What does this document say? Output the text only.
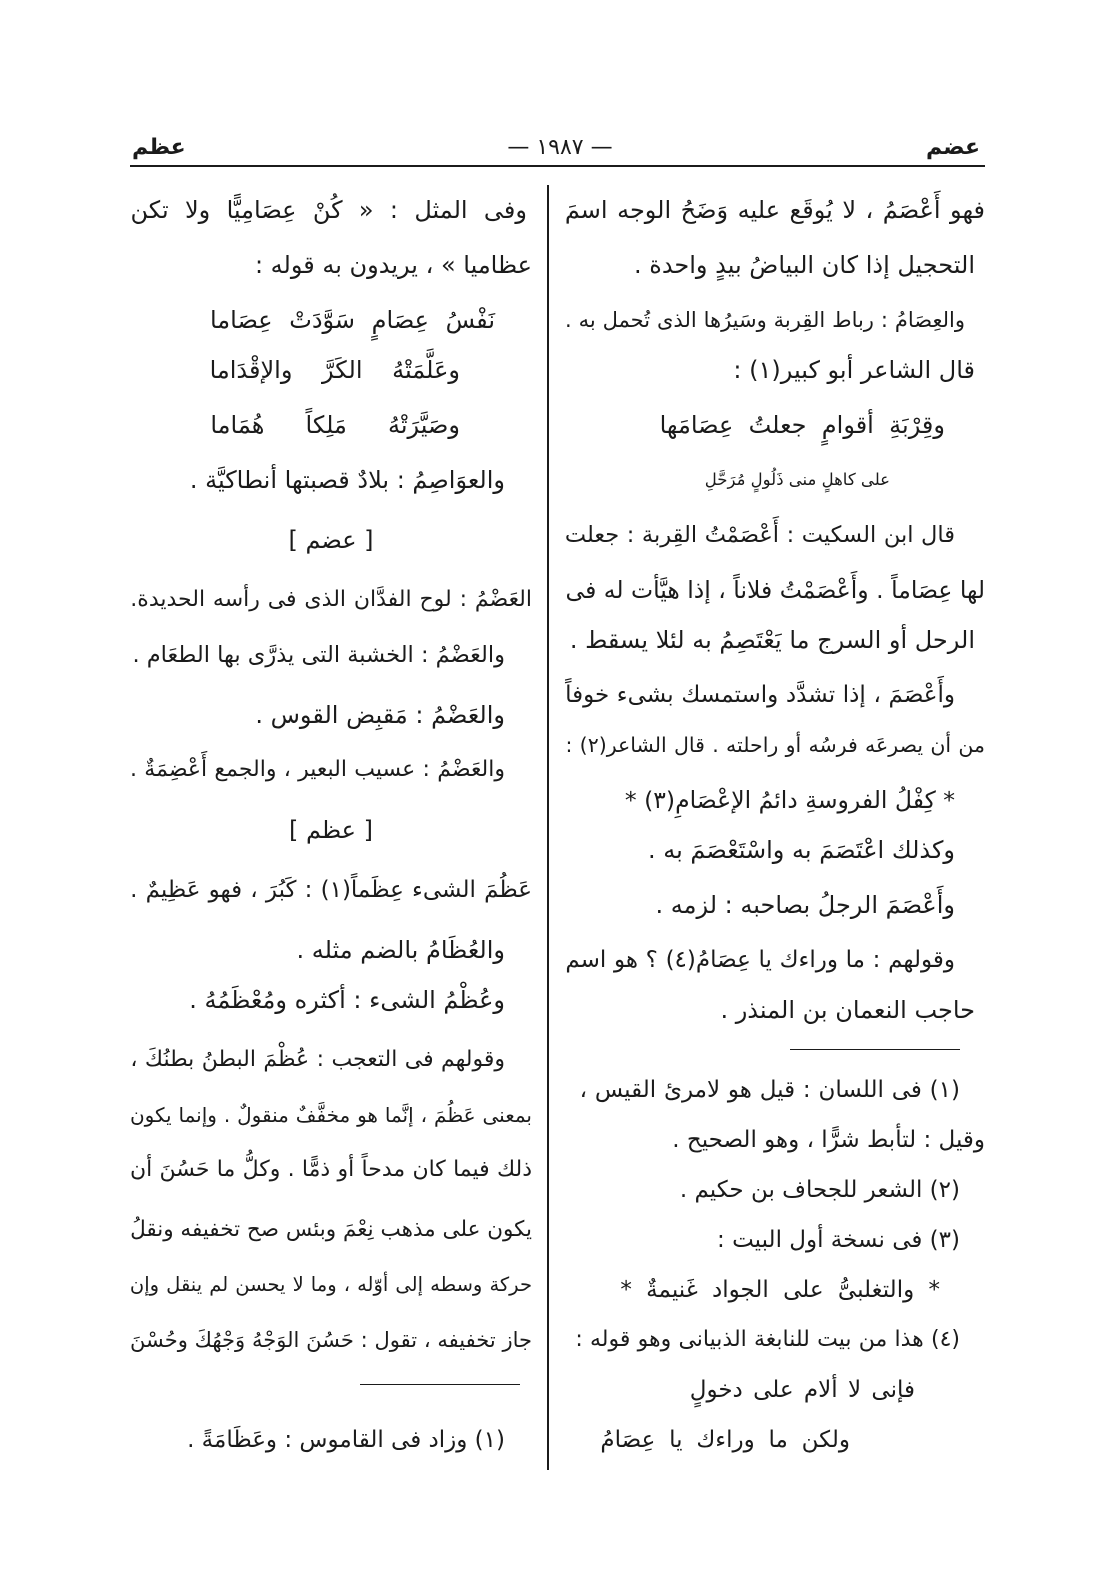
عظم	— ١٩٨٧ —	عضم
فهو أَعْصَمُ ، لا يُوقَع عليه وَضَحُ الوجه اسمَ
التحجيل إذا كان البياضُ بيدٍ واحدة .
والعِصَامُ : رباط القِربة وسَيرُها الذى تُحمل به .
قال الشاعر أبو كبير(١) :
وقِرْبَةِ أقوامٍ جعلتُ عِصَامَها
على كاهلٍ منى ذَلُولٍ مُرَحَّلِ
قال ابن السكيت : أَعْصَمْتُ القِربة : جعلت
لها عِصَاماً . وأَعْصَمْتُ فلاناً ، إذا هيَّأت له فى
الرحل أو السرج ما يَعْتَصِمُ به لئلا يسقط .
وأَعْصَمَ ، إذا تشدَّد واستمسك بشىء خوفاً
من أن يصرعَه فرسُه أو راحلته . قال الشاعر(٢) :
* كِفْلُ الفروسةِ دائمُ الإعْصَامِ(٣) *
وكذلك اعْتَصَمَ به واسْتَعْصَمَ به .
وأَعْصَمَ الرجلُ بصاحبه : لزمه .
وقولهم : ما وراءك يا عِصَامُ(٤) ؟ هو اسم
حاجب النعمان بن المنذر .
(١) فى اللسان : قيل هو لامرئ القيس ،
وقيل : لتأبط شرًّا ، وهو الصحيح .
(٢) الشعر للجحاف بن حكيم .
(٣) فى نسخة أول البيت :
* والتغلبىُّ على الجواد غَنيمةٌ *
(٤) هذا من بيت للنابغة الذبيانى وهو قوله :
فإنى لا ألام على دخولٍ
ولكن ما وراءك يا عِصَامُ
وفى المثل : « كُنْ عِصَامِيًّا ولا تكن
عظاميا » ، يريدون به قوله :
نَفْسُ عِصَامٍ سَوَّدَتْ عِصَاما
وعَلَّمَتْهُ الكَرَّ والإقْدَاما
وصَيَّرَتْهُ مَلِكاً هُمَاما
والعوَاصِمُ : بلادٌ قصبتها أنطاكيَّة .
[ عضم ]
العَضْمُ : لوح الفدَّان الذى فى رأسه الحديدة.
والعَضْمُ : الخشبة التى يذرَّى بها الطعَام .
والعَضْمُ : مَقبِض القوس .
والعَضْمُ : عسيب البعير ، والجمع أَعْضِمَةٌ .
[ عظم ]
عَظُمَ الشىء عِظَماً(١) : كَبُرَ ، فهو عَظِيمٌ .
والعُظَامُ بالضم مثله .
وعُظْمُ الشىء : أكثره ومُعْظَمُهُ .
وقولهم فى التعجب : عُظْمَ البطنُ بطنُكَ ،
بمعنى عَظُمَ ، إنَّما هو مخفَّفٌ منقولٌ . وإنما يكون
ذلك فيما كان مدحاً أو ذمًّا . وكلُّ ما حَسُنَ أن
يكون على مذهب نِعْمَ وبئس صح تخفيفه ونقلُ
حركة وسطه إلى أوّله ، وما لا يحسن لم ينقل وإن
جاز تخفيفه ، تقول : حَسُنَ الوَجْهُ وَجْهُكَ وحُسْنَ
(١) وزاد فى القاموس : وعَظَامَةً .
